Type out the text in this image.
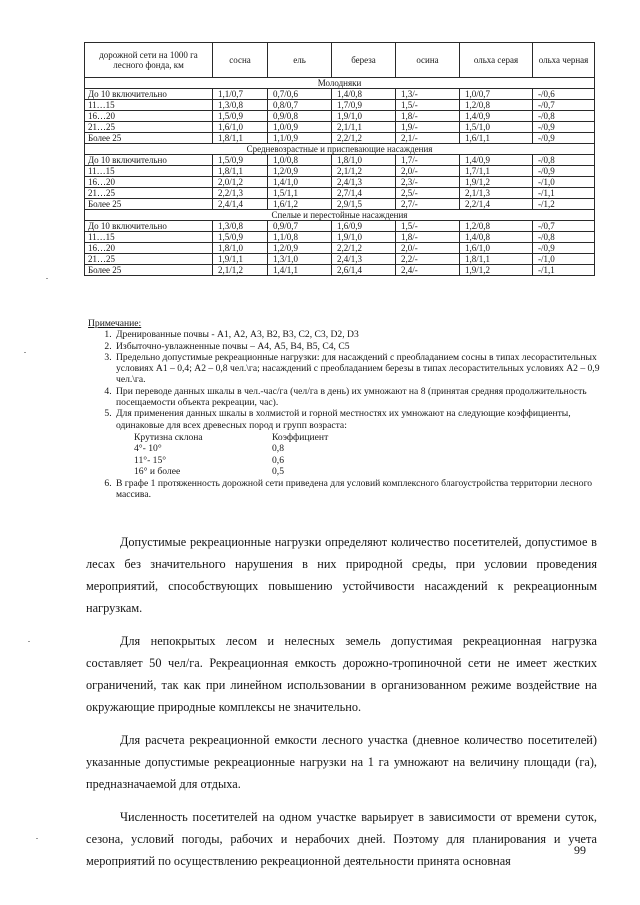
дорожной сети на 1000 га лесного фонда, км	сосна	ель	береза	осина	ольха серая	ольха черная
Молодняки						
До 10 включительно	1,1/0,7	0,7/0,6	1,4/0,8	1,3/-	1,0/0,7	-/0,6
11…15	1,3/0,8	0,8/0,7	1,7/0,9	1,5/-	1,2/0,8	-/0,7
16…20	1,5/0,9	0,9/0,8	1,9/1,0	1,8/-	1,4/0,9	-/0,8
21…25	1,6/1,0	1,0/0,9	2,1/1,1	1,9/-	1,5/1,0	-/0,9
Более 25	1,8/1,1	1,1/0,9	2,2/1,2	2,1/-	1,6/1,1	-/0,9
Средневозрастные и приспевающие насаждения						
До 10 включительно	1,5/0,9	1,0/0,8	1,8/1,0	1,7/-	1,4/0,9	-/0,8
11…15	1,8/1,1	1,2/0,9	2,1/1,2	2,0/-	1,7/1,1	-/0,9
16…20	2,0/1,2	1,4/1,0	2,4/1,3	2,3/-	1,9/1,2	-/1,0
21…25	2,2/1,3	1,5/1,1	2,7/1,4	2,5/-	2,1/1,3	-/1,1
Более 25	2,4/1,4	1,6/1,2	2,9/1,5	2,7/-	2,2/1,4	-/1,2
Спелые и перестойные насаждения						
До 10 включительно	1,3/0,8	0,9/0,7	1,6/0,9	1,5/-	1,2/0,8	-/0,7
11…15	1,5/0,9	1,1/0,8	1,9/1,0	1,8/-	1,4/0,8	-/0,8
16…20	1,8/1,0	1,2/0,9	2,2/1,2	2,0/-	1,6/1,0	-/0,9
21…25	1,9/1,1	1,3/1,0	2,4/1,3	2,2/-	1,8/1,1	-/1,0
Более 25	2,1/1,2	1,4/1,1	2,6/1,4	2,4/-	1,9/1,2	-/1,1
Примечание:
1. Дренированные почвы - А1, А2, А3, В2, В3, С2, С3, D2, D3
2. Избыточно-увлажненные почвы – А4, А5, В4, В5, С4, С5
3. Предельно допустимые рекреационные нагрузки: для насаждений с преобладанием сосны в типах лесорастительных условиях А1 – 0,4; А2 – 0,8 чел.\га; насаждений с преобладанием березы в типах лесорастительных условиях А2 – 0,9 чел.\га.
4. При переводе данных шкалы в чел.-час/га (чел/га в день) их умножают на 8 (принятая средняя продолжительность посещаемости объекта рекреации, час).
5. Для применения данных шкалы в холмистой и горной местностях их умножают на следующие коэффициенты, одинаковые для всех древесных пород и групп возраста:
Крутизна склона	Коэффициент
4°- 10°	0,8
11°- 15°	0,6
16° и более	0,5
6. В графе 1 протяженность дорожной сети приведена для условий комплексного благоустройства территории лесного массива.

Допустимые рекреационные нагрузки определяют количество посетителей, допустимое в лесах без значительного нарушения в них природной среды, при условии проведения мероприятий, способствующих повышению устойчивости насаждений к рекреационным нагрузкам.

Для непокрытых лесом и нелесных земель допустимая рекреационная нагрузка составляет 50 чел/га. Рекреационная емкость дорожно-тропиночной сети не имеет жестких ограничений, так как при линейном использовании в организованном режиме воздействие на окружающие природные комплексы не значительно.

Для расчета рекреационной емкости лесного участка (дневное количество посетителей) указанные допустимые рекреационные нагрузки на 1 га умножают на величину площади (га), предназначаемой для отдыха.

Численность посетителей на одном участке варьирует в зависимости от времени суток, сезона, условий погоды, рабочих и нерабочих дней. Поэтому для планирования и учета мероприятий по осуществлению рекреационной деятельности принята основная

99
